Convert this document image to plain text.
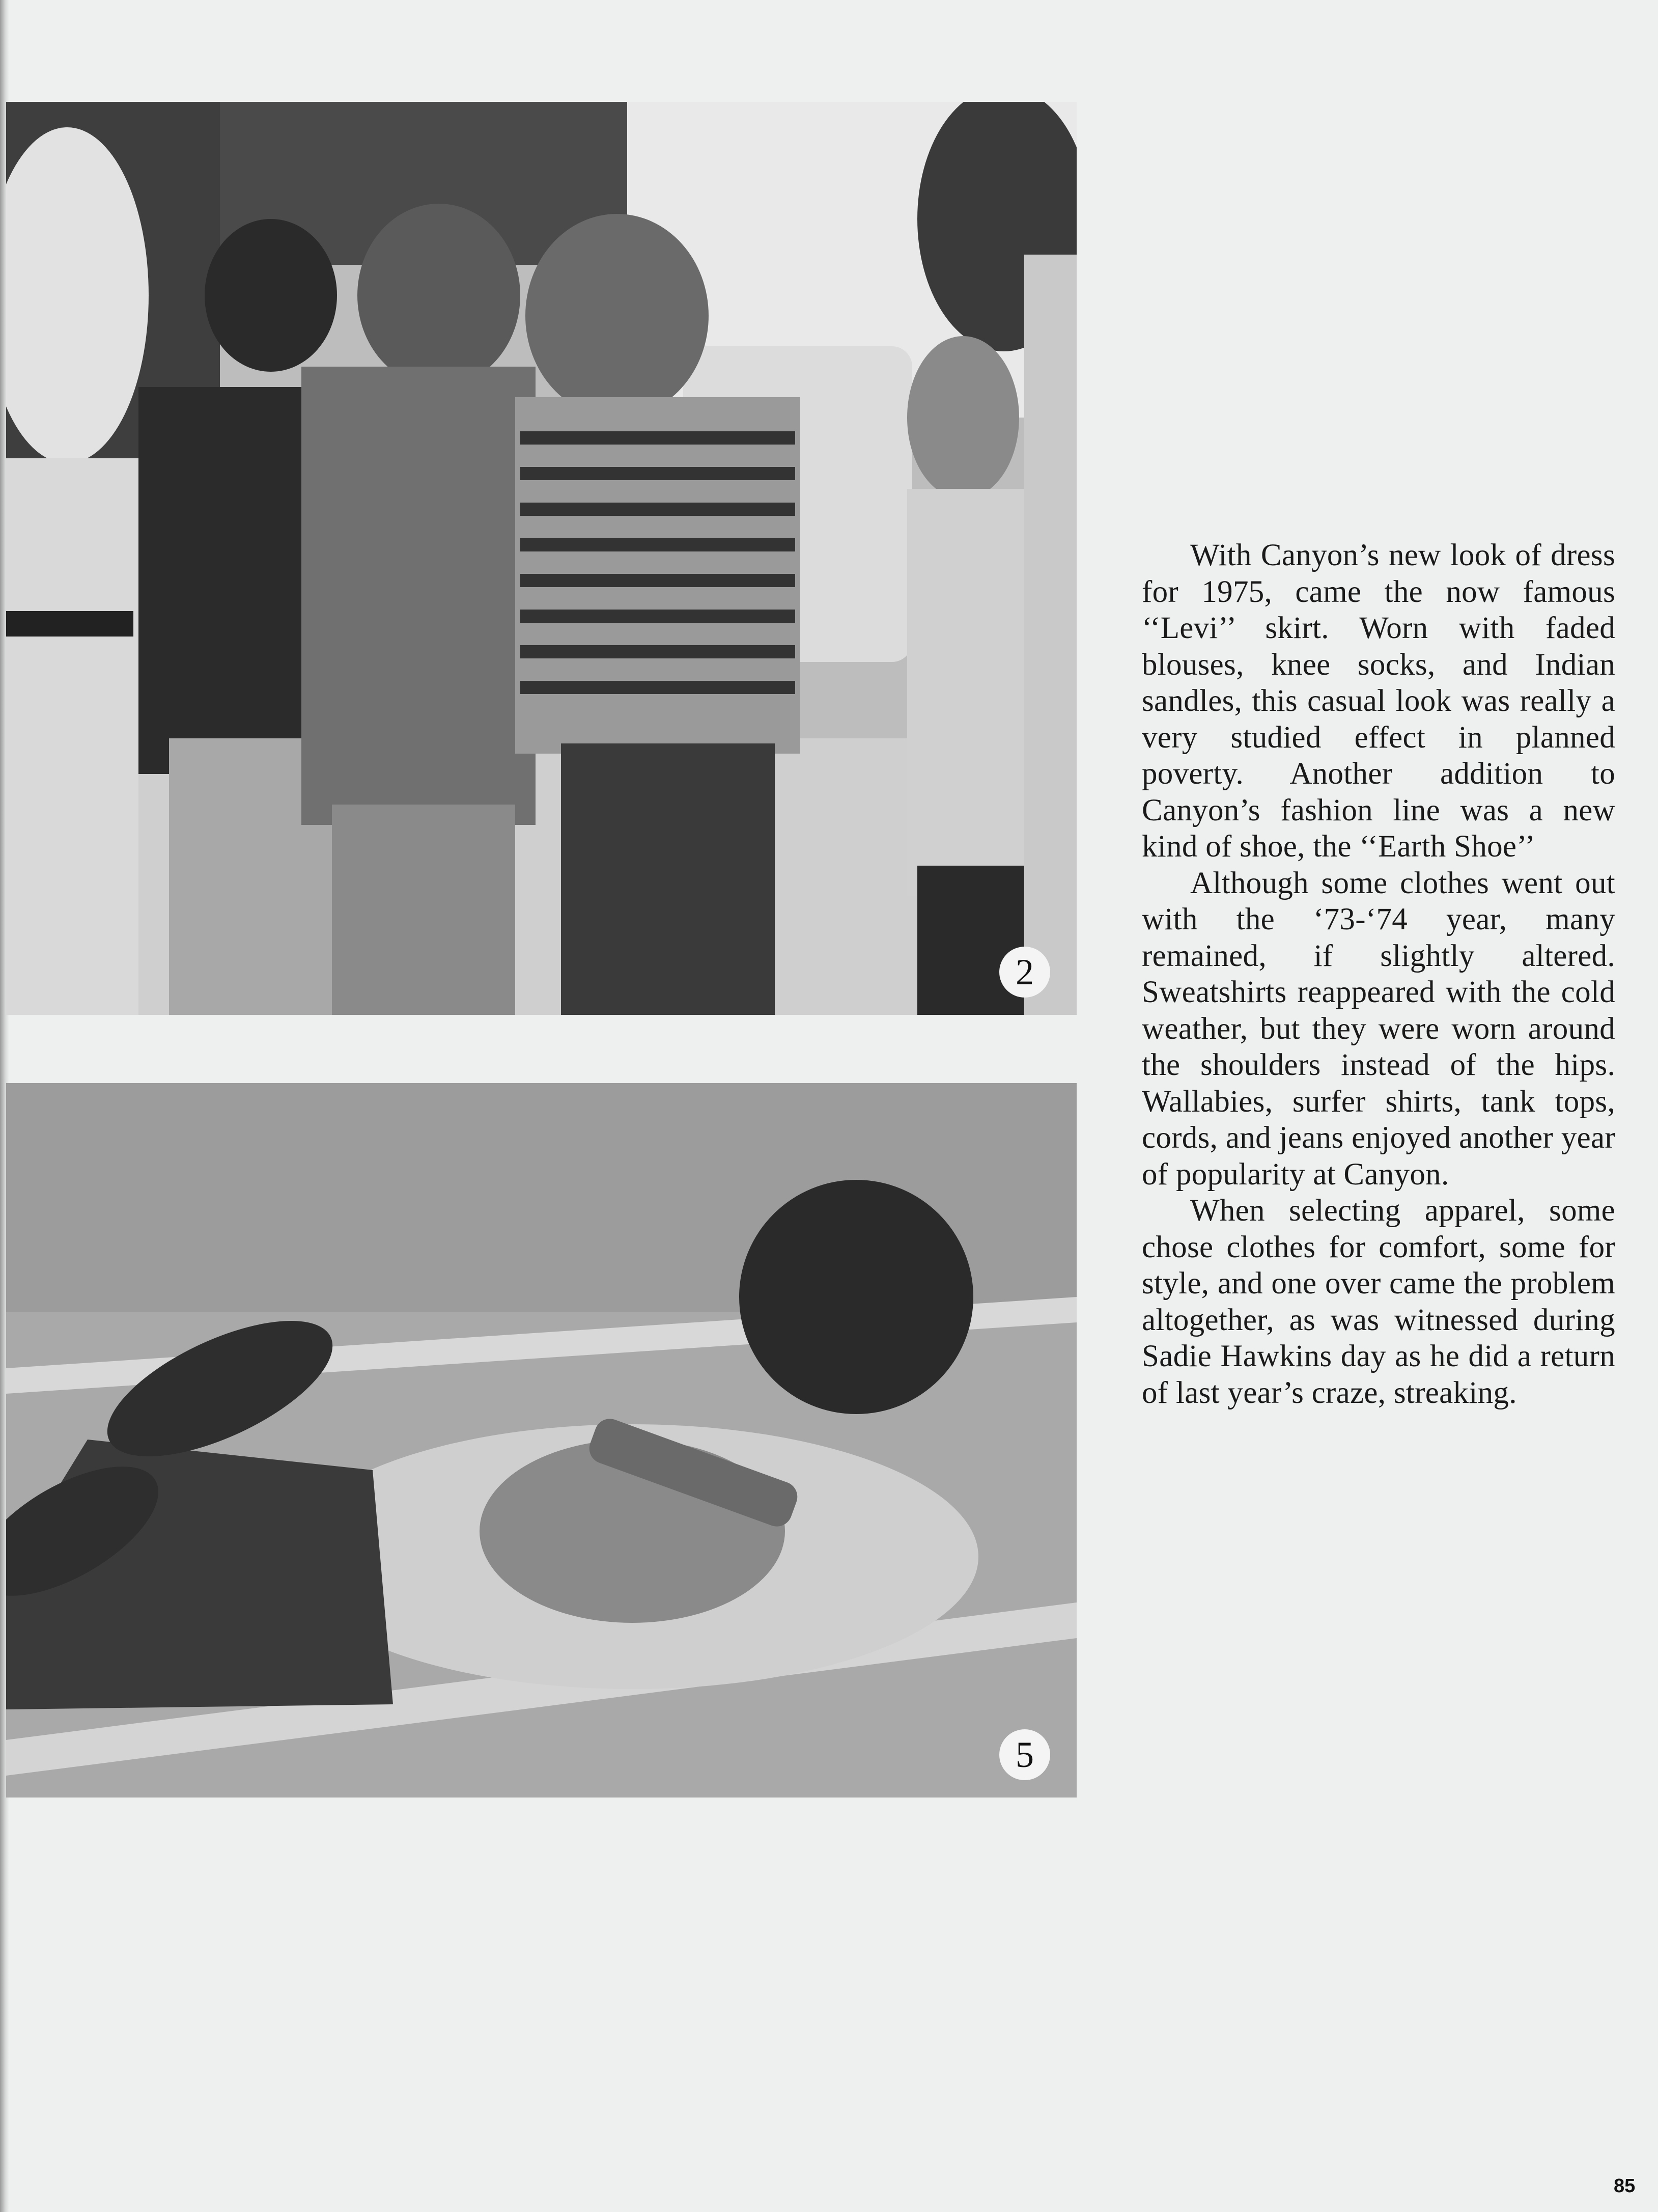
2
5

With Canyon’s new look of dress for 1975, came the now famous ‘‘Levi’’ skirt. Worn with faded blouses, knee socks, and Indian sandles, this casual look was really a very studied effect in planned poverty. Another addition to Canyon’s fashion line was a new kind of shoe, the ‘‘Earth Shoe’’

Although some clothes went out with the ‘73-‘74 year, many remained, if slightly altered. Sweatshirts reappeared with the cold weather, but they were worn around the shoulders instead of the hips. Wallabies, surfer shirts, tank tops, cords, and jeans enjoyed another year of popularity at Canyon.

When selecting apparel, some chose clothes for comfort, some for style, and one over came the problem altogether, as was witnessed during Sadie Hawkins day as he did a return of last year’s craze, streaking.

85
